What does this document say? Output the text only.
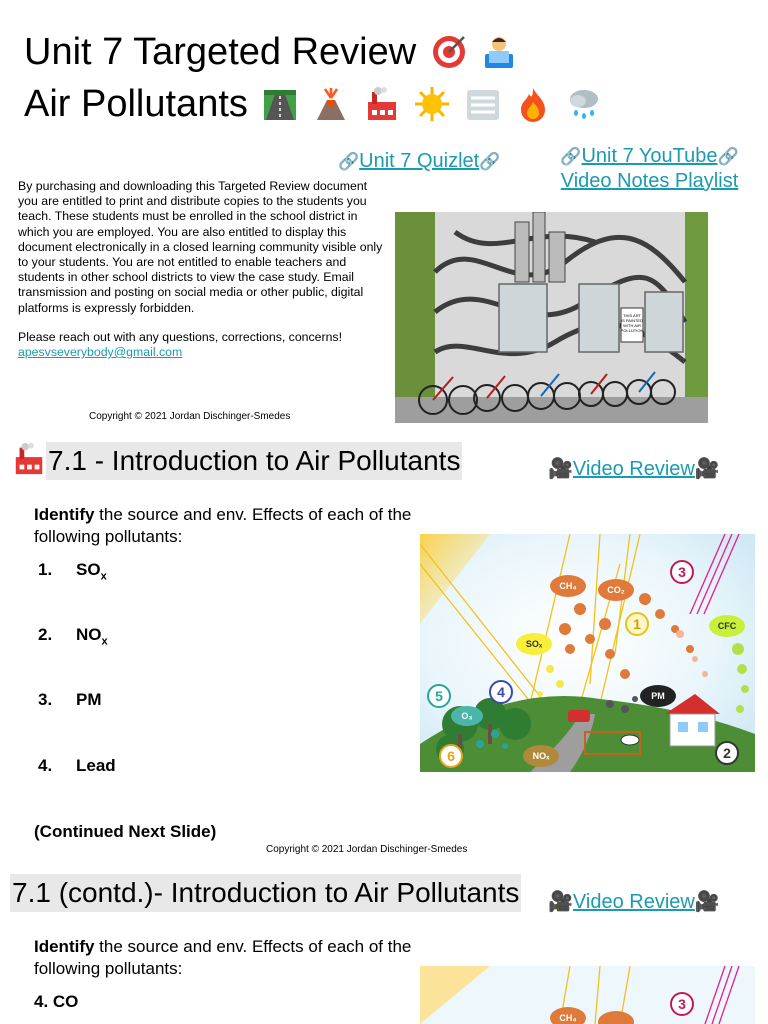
Unit 7 Targeted Review
Air Pollutants
🔗Unit 7 Quizlet🔗	🔗Unit 7 YouTube🔗
Video Notes Playlist

By purchasing and downloading this Targeted Review document you are entitled to print and distribute copies to the students you teach. These students must be enrolled in the school district in which you are employed. You are also entitled to display this document electronically in a closed learning community visible only to your students. You are not entitled to enable teachers and students in other school districts to view the case study. Email transmission and posting on social media or other public, digital platforms is expressly forbidden.

Please reach out with any questions, corrections, concerns!

apesvseverybody@gmail.com
Copyright © 2021 Jordan Dischinger-Smedes
THIS ART IS PAINTED WITH AIR POLLUTION
7.1 - Introduction to Air Pollutants	🎥Video Review🎥
Identify the source and env. Effects of each of the following pollutants:
1. $SO_x$
2. $NO_x$
3. PM
4. Lead
(Continued Next Slide)
Copyright © 2021 Jordan Dischinger-Smedes
CH₄	CO₂
SOₓ
PM
CFC
O₃
NOₓ
1
2
3
4
5
6
7.1 (contd.)- Introduction to Air Pollutants 🎥Video Review🎥
Identify the source and env. Effects of each of the following pollutants:
4. CO
CH₄
3
